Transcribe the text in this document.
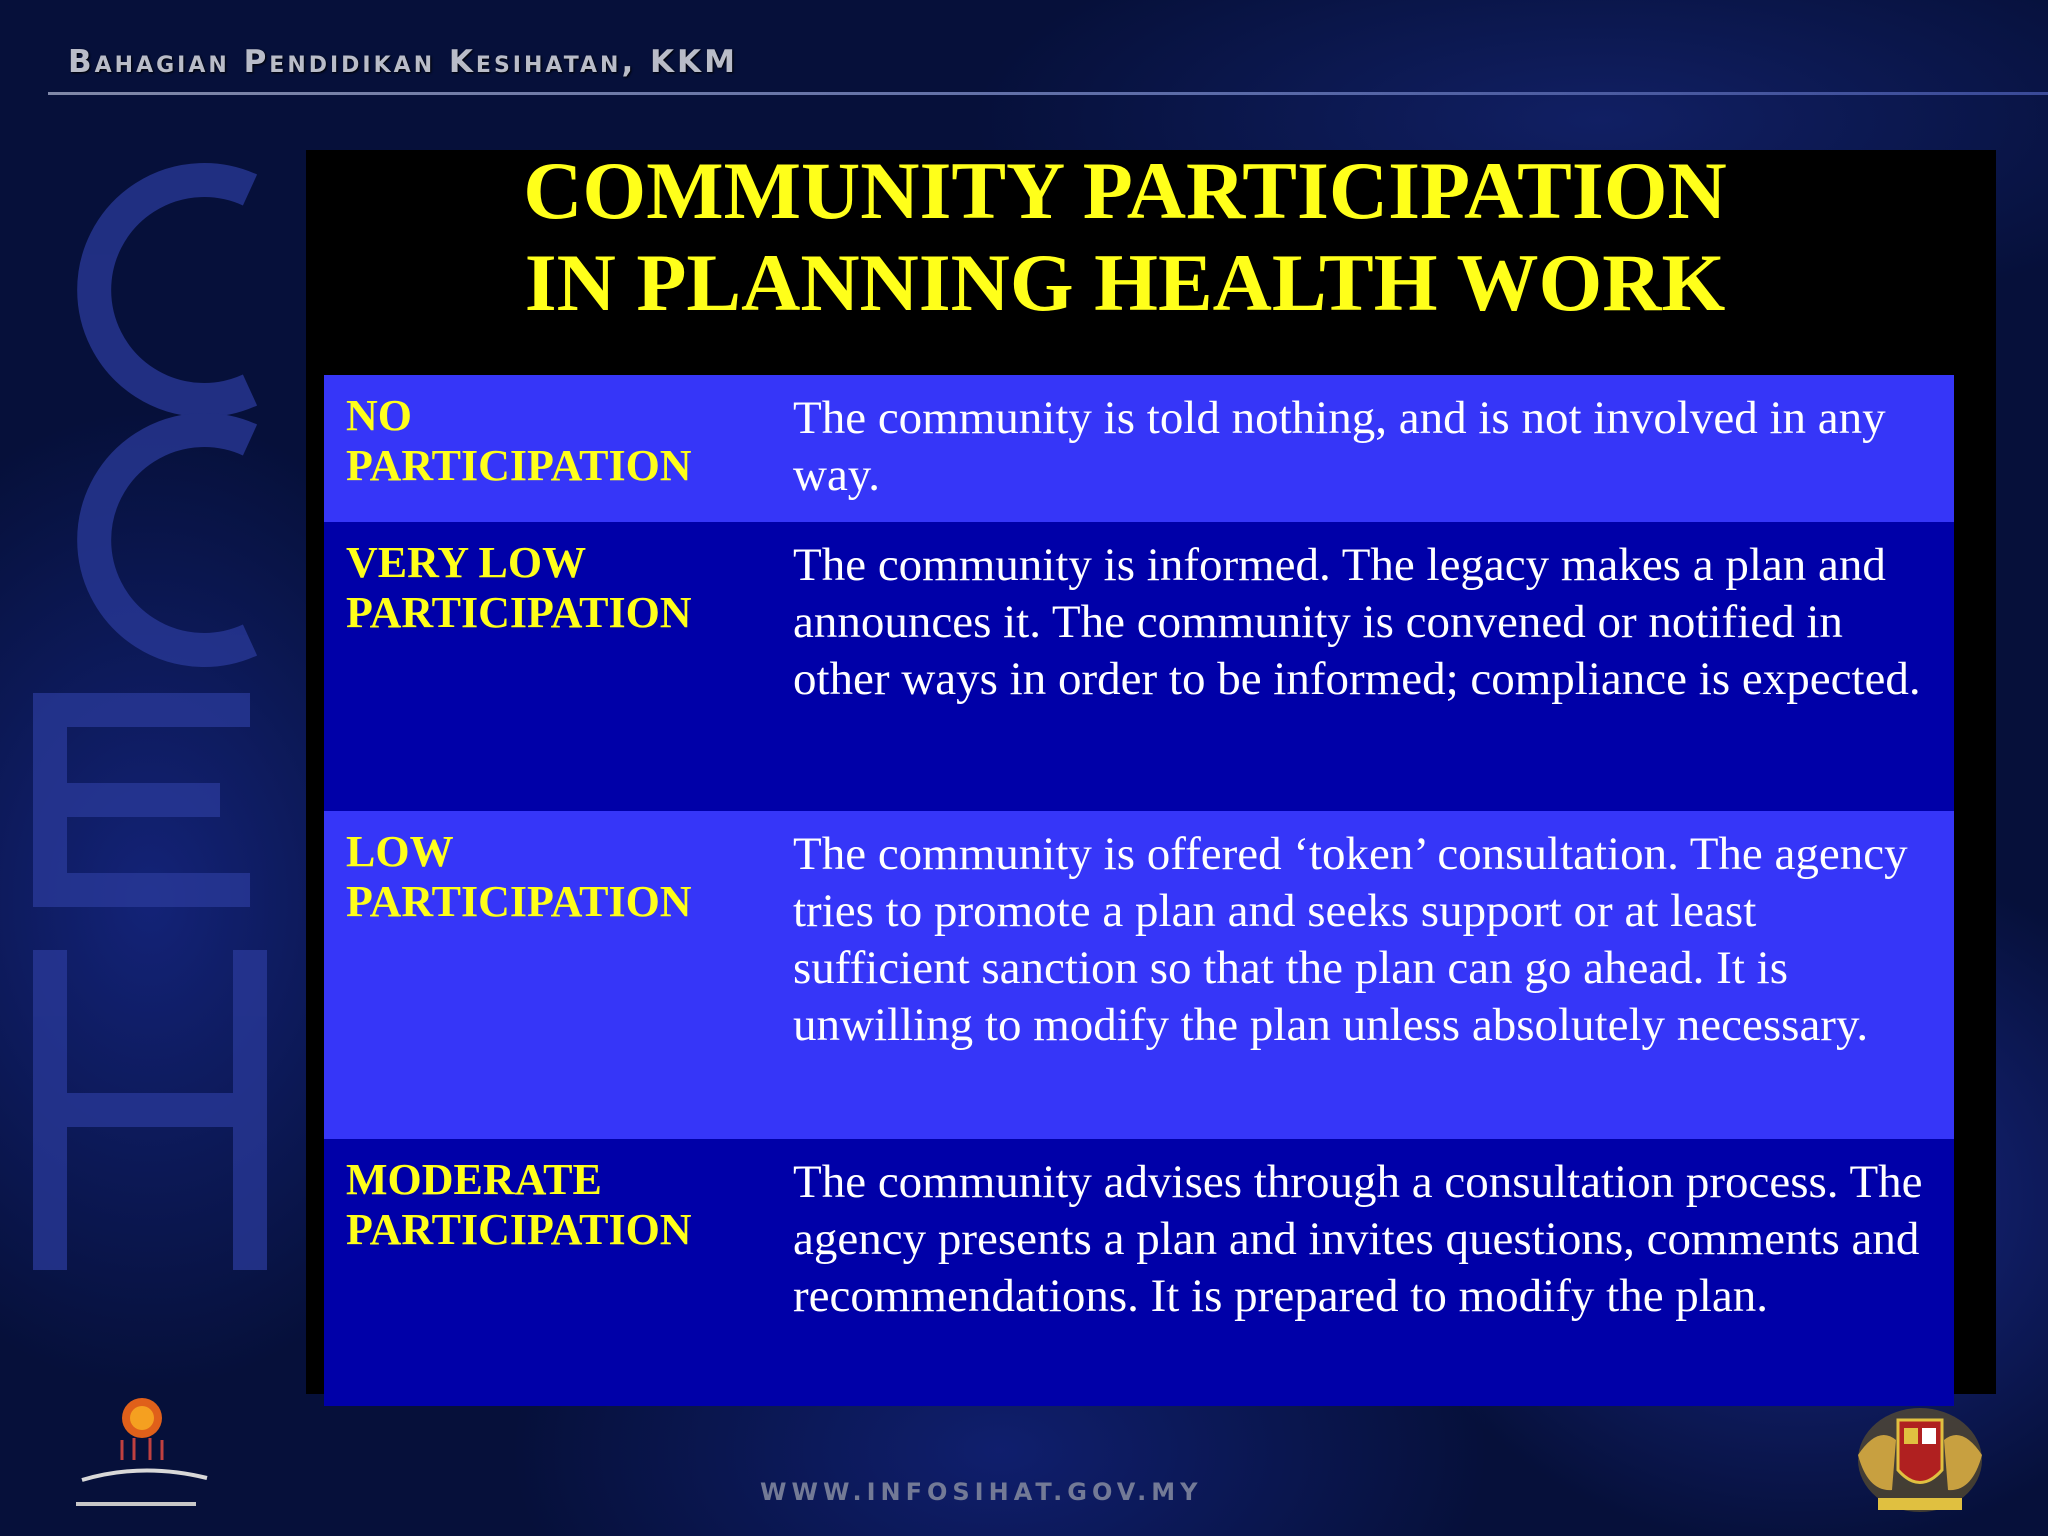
HECC
Bahagian Pendidikan Kesihatan, KKM
COMMUNITY PARTICIPATION
IN PLANNING HEALTH WORK
NO
PARTICIPATION
The community is told nothing, and is not involved in any way.
VERY LOW
PARTICIPATION
The community is informed. The legacy makes a plan and announces it. The community is convened or notified in other ways in order to be informed; compliance is expected.
LOW
PARTICIPATION
The community is offered ‘token’ consultation. The agency tries to promote a plan and seeks support or at least sufficient sanction so that the plan can go ahead. It is unwilling to modify the plan unless absolutely necessary.
MODERATE
PARTICIPATION
The community advises through a consultation process. The agency presents a plan and invites questions, comments and recommendations. It is prepared to modify the plan.
WWW.INFOSIHAT.GOV.MY
